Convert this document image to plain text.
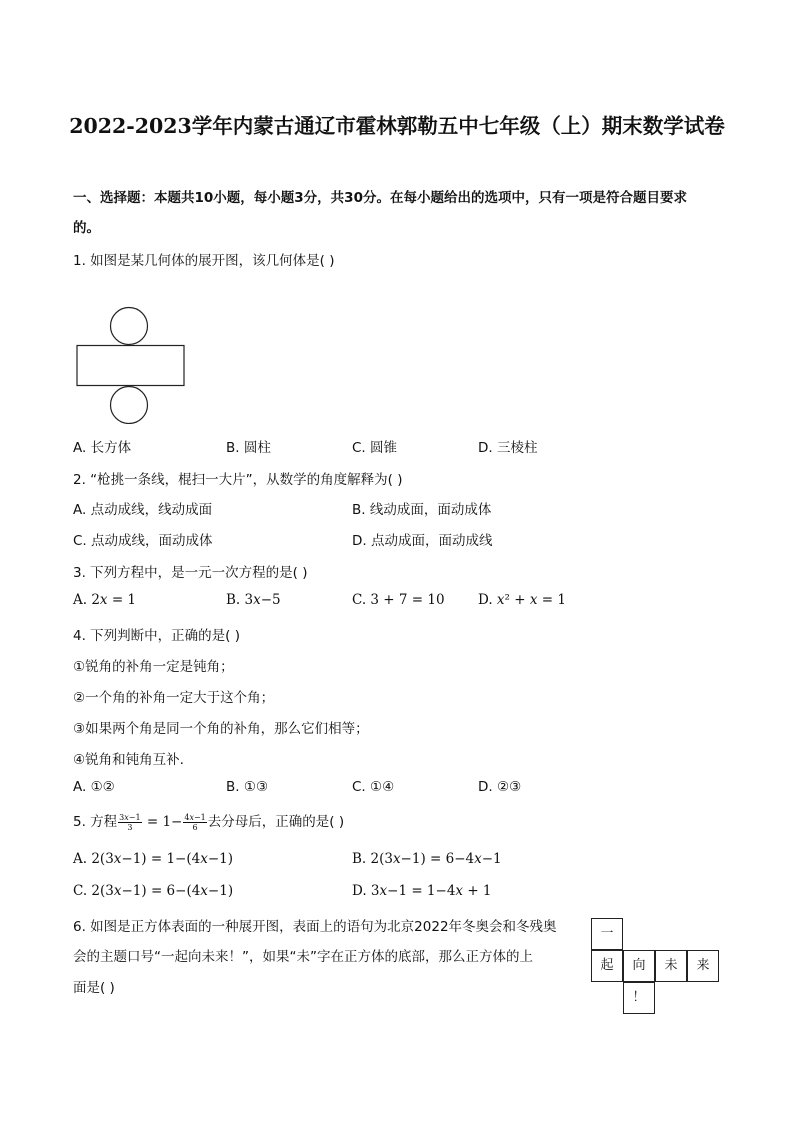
2022-2023学年内蒙古通辽市霍林郭勒五中七年级（上）期末数学试卷
一、选择题：本题共10小题，每小题3分，共30分。在每小题给出的选项中，只有一项是符合题目要求
的。
1. 如图是某几何体的展开图，该几何体是( )
A. 长方体	B. 圆柱	C. 圆锥	D. 三棱柱
2. “枪挑一条线，棍扫一大片”，从数学的角度解释为( )
A. 点动成线，线动成面	B. 线动成面，面动成体
C. 点动成线，面动成体	D. 点动成面，面动成线
3. 下列方程中，是一元一次方程的是( )
A. 2𝑥 = 1	B. 3𝑥−5	C. 3 + 7 = 10 D. 𝑥² + 𝑥 = 1
4. 下列判断中，正确的是( )
①锐角的补角一定是钝角；
②一个角的补角一定大于这个角；
③如果两个角是同一个角的补角，那么它们相等；
④锐角和钝角互补.
A. ①②	B. ①③	C. ①④	D. ②③
5. 方程 $\frac{\text{3𝑥−1}}{3} = 1- \frac{\text{4𝑥−1}}{6}$ 去分母后，正确的是( )
A. 2(3𝑥−1) = 1−(4𝑥−1)	B. 2(3𝑥−1) = 6−4𝑥−1
C. 2(3𝑥−1) = 6−(4𝑥−1)	D. 3𝑥−1 = 1−4𝑥 + 1
6. 如图是正方体表面的一种展开图，表面上的语句为北京2022年冬奥会和冬残奥
会的主题口号“一起向未来！”，如果“未”字在正方体的底部，那么正方体的上
面是( )
一
起	向	未	来
！
